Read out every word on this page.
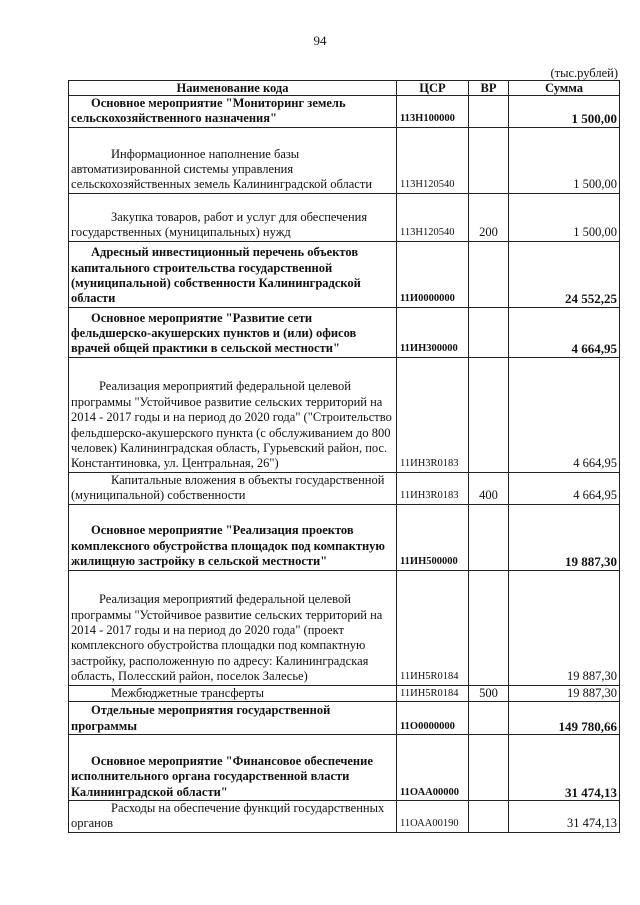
94
(тыс.рублей)
Наименование кода	ЦСР	ВР	Сумма
Основное мероприятие "Мониторинг земель сельскохозяйственного назначения"	113Н100000		1 500,00
Информационное наполнение базы автоматизированной системы управления сельскохозяйственных земель Калининградской области	113Н120540		1 500,00
Закупка товаров, работ и услуг для обеспечения государственных (муниципальных) нужд	113Н120540	200	1 500,00
Адресный инвестиционный перечень объектов капитального строительства государственной (муниципальной) собственности Калининградской области	11И0000000		24 552,25
Основное мероприятие "Развитие сети фельдшерско-акушерских пунктов и (или) офисов врачей общей практики в сельской местности"	11ИН300000		4 664,95
Реализация мероприятий федеральной целевой программы "Устойчивое развитие сельских территорий на 2014 - 2017 годы и на период до 2020 года" ("Строительство фельдшерско-акушерского пункта (с обслуживанием до 800 человек) Калининградская область, Гурьевский район, пос. Константиновка, ул. Центральная, 26")	11ИН3R0183		4 664,95
Капитальные вложения в объекты государственной (муниципальной) собственности	11ИН3R0183	400	4 664,95
Основное мероприятие "Реализация проектов комплексного обустройства площадок под компактную жилищную застройку в сельской местности"	11ИН500000		19 887,30
Реализация мероприятий федеральной целевой программы "Устойчивое развитие сельских территорий на 2014 - 2017 годы и на период до 2020 года" (проект комплексного обустройства площадки под компактную застройку, расположенную по адресу: Калининградская область, Полесский район, поселок Залесье)	11ИН5R0184		19 887,30
Межбюджетные трансферты	11ИН5R0184	500	19 887,30
Отдельные мероприятия государственной программы	11О0000000		149 780,66
Основное мероприятие "Финансовое обеспечение исполнительного органа государственной власти Калининградской области"	11ОАА00000		31 474,13
Расходы на обеспечение функций государственных органов	11ОАА00190		31 474,13
